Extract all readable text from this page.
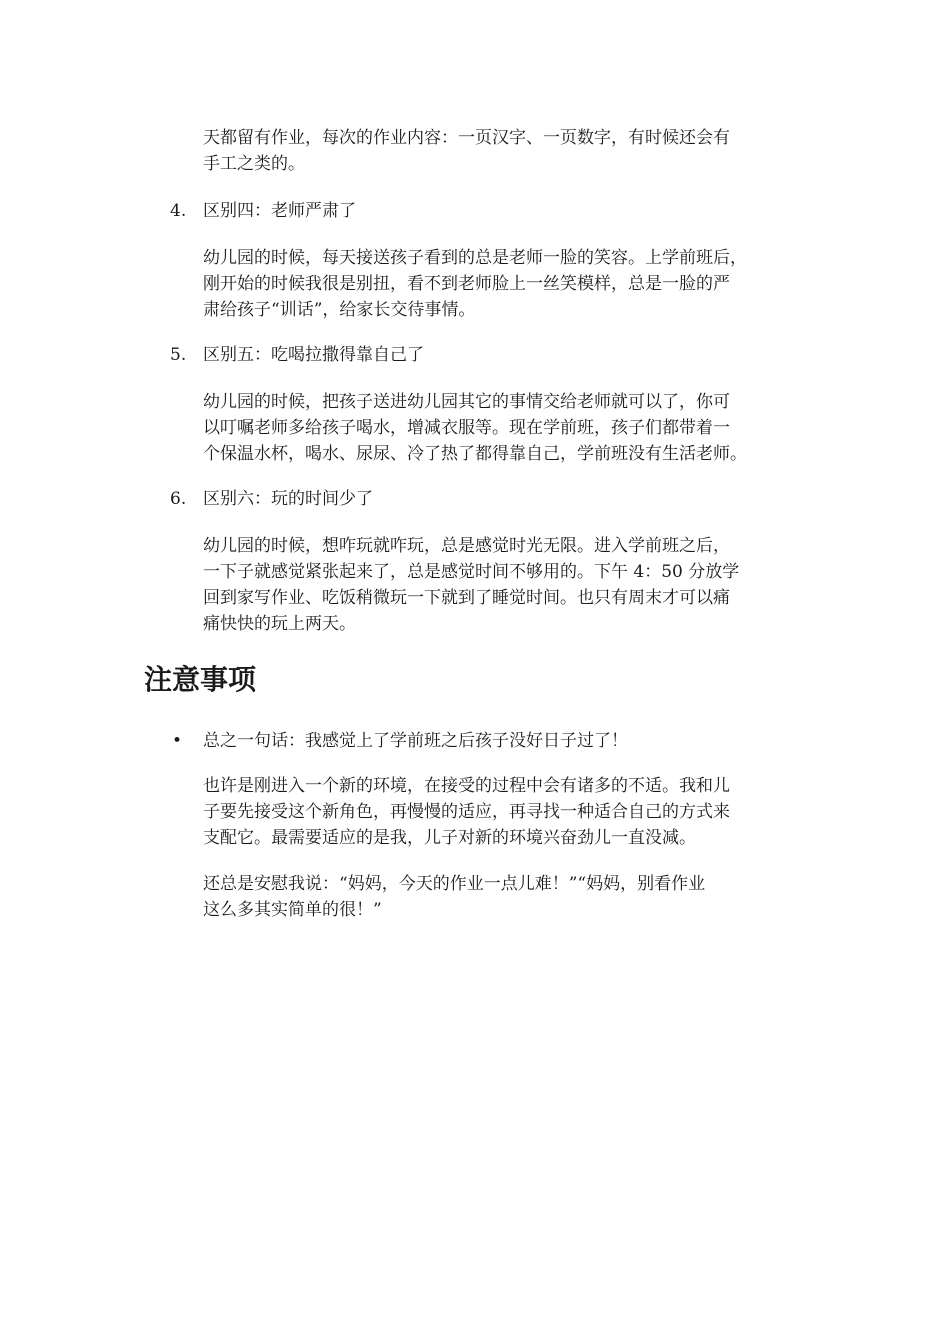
天都留有作业，每次的作业内容：一页汉字、一页数字，有时候还会有
手工之类的。

4. 区别四：老师严肃了

幼儿园的时候，每天接送孩子看到的总是老师一脸的笑容。上学前班后，
刚开始的时候我很是别扭，看不到老师脸上一丝笑模样，总是一脸的严
肃给孩子“训话”，给家长交待事情。

5. 区别五：吃喝拉撒得靠自己了

幼儿园的时候，把孩子送进幼儿园其它的事情交给老师就可以了，你可
以叮嘱老师多给孩子喝水，增减衣服等。现在学前班，孩子们都带着一
个保温水杯，喝水、尿尿、冷了热了都得靠自己，学前班没有生活老师。

6. 区别六：玩的时间少了

幼儿园的时候，想咋玩就咋玩，总是感觉时光无限。进入学前班之后，
一下子就感觉紧张起来了，总是感觉时间不够用的。下午 4：50 分放学
回到家写作业、吃饭稍微玩一下就到了睡觉时间。也只有周末才可以痛
痛快快的玩上两天。

注意事项
• 总之一句话：我感觉上了学前班之后孩子没好日子过了！

也许是刚进入一个新的环境，在接受的过程中会有诸多的不适。我和儿
子要先接受这个新角色，再慢慢的适应，再寻找一种适合自己的方式来
支配它。最需要适应的是我，儿子对新的环境兴奋劲儿一直没减。

还总是安慰我说：“妈妈，今天的作业一点儿难！”“妈妈，别看作业
这么多其实简单的很！”
